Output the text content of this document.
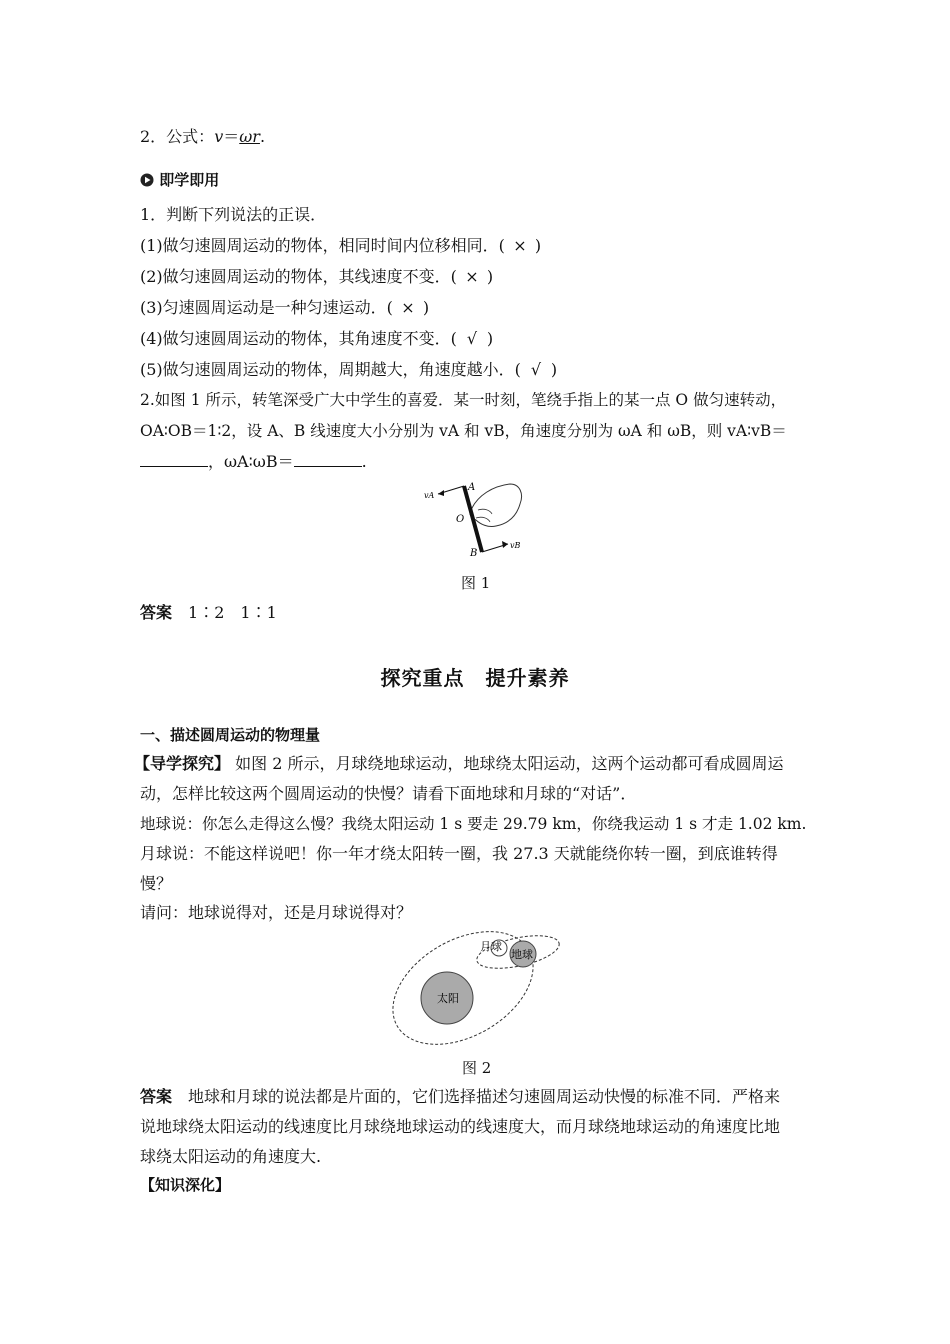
2．公式：v＝ωr.
即学即用
1．判断下列说法的正误．
(1)做匀速圆周运动的物体，相同时间内位移相同．( × )
(2)做匀速圆周运动的物体，其线速度不变．( × )
(3)匀速圆周运动是一种匀速运动．( × )
(4)做匀速圆周运动的物体，其角速度不变．( √ )
(5)做匀速圆周运动的物体，周期越大，角速度越小．( √ )
2.如图 1 所示，转笔深受广大中学生的喜爱．某一时刻，笔绕手指上的某一点 O 做匀速转动，
OA∶OB＝1∶2，设 A、B 线速度大小分别为 vA 和 vB，角速度分别为 ωA 和 ωB，则 vA∶vB＝
，ωA∶ωB＝	.
A
O
B
vA
vB
图 1
答案　 1∶2　1∶1
探究重点　提升素养
一、描述圆周运动的物理量
【导学探究】 如图 2 所示，月球绕地球运动，地球绕太阳运动，这两个运动都可看成圆周运
动，怎样比较这两个圆周运动的快慢？请看下面地球和月球的“对话”．
地球说：你怎么走得这么慢？我绕太阳运动 1 s 要走 29.79 km，你绕我运动 1 s 才走 1.02 km.
月球说：不能这样说吧！你一年才绕太阳转一圈，我 27.3 天就能绕你转一圈，到底谁转得
慢？
请问：地球说得对，还是月球说得对？
太阳
地球
月球
图 2
答案　 地球和月球的说法都是片面的，它们选择描述匀速圆周运动快慢的标准不同．严格来
说地球绕太阳运动的线速度比月球绕地球运动的线速度大，而月球绕地球运动的角速度比地
球绕太阳运动的角速度大.
【知识深化】
